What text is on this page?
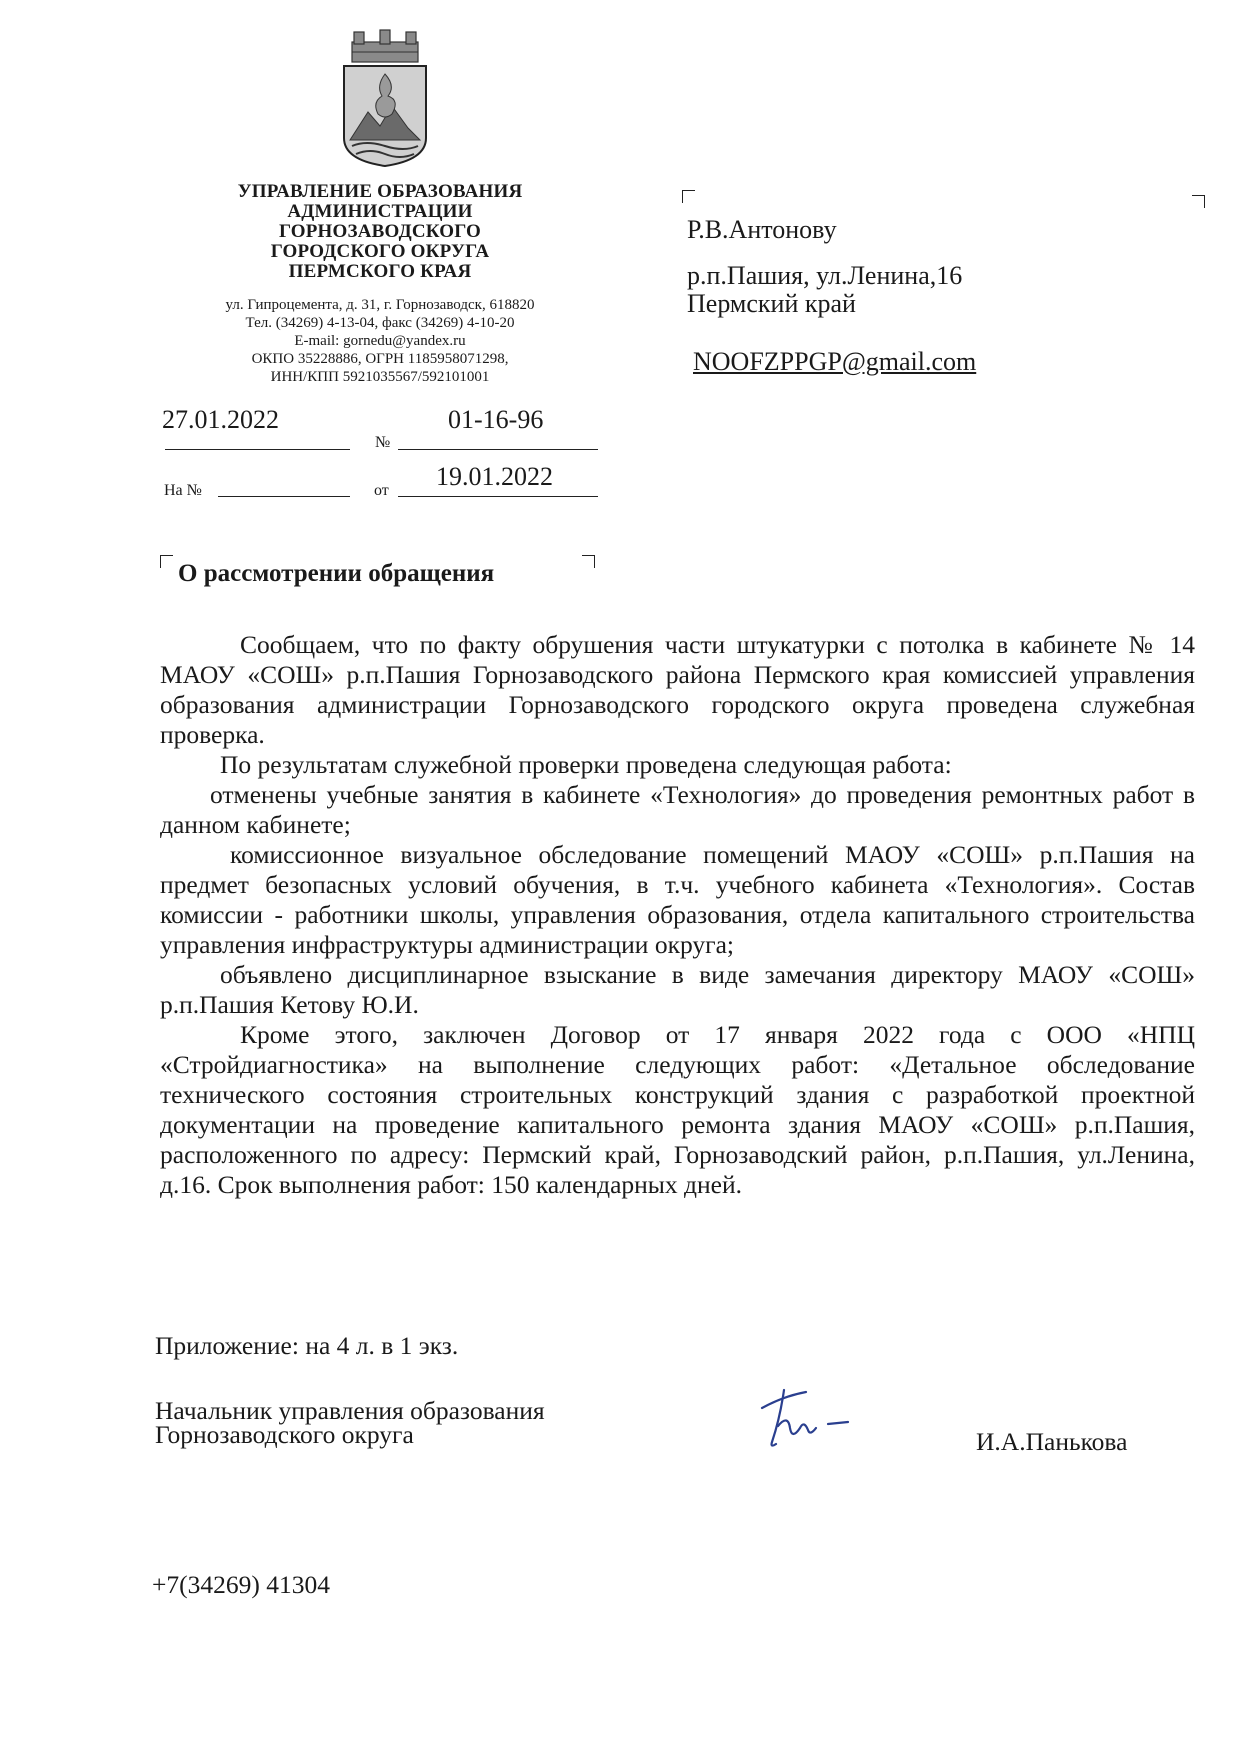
УПРАВЛЕНИЕ ОБРАЗОВАНИЯ
АДМИНИСТРАЦИИ
ГОРНОЗАВОДСКОГО
ГОРОДСКОГО ОКРУГА
ПЕРМСКОГО КРАЯ
ул. Гипроцемента, д. 31, г. Горнозаводск, 618820
Тел. (34269) 4-13-04, факс (34269) 4-10-20
E-mail: gornedu@yandex.ru
ОКПО 35228886, ОГРН 1185958071298,
ИНН/КПП 5921035567/592101001
27.01.2022
№
01-16-96
На №	от 19.01.2022
Р.В.Антонову
р.п.Пашия, ул.Ленина,16
Пермский край
NOOFZPPGP@gmail.com
О рассмотрении обращения

Сообщаем, что по факту обрушения части штукатурки с потолка в кабинете № 14 МАОУ «СОШ» р.п.Пашия Горнозаводского района Пермского края комиссией управления образования администрации Горнозаводского городского округа проведена служебная проверка.

По результатам служебной проверки проведена следующая работа:

отменены учебные занятия в кабинете «Технология» до проведения ремонтных работ в данном кабинете;

комиссионное визуальное обследование помещений МАОУ «СОШ» р.п.Пашия на предмет безопасных условий обучения, в т.ч. учебного кабинета «Технология». Состав комиссии - работники школы, управления образования, отдела капитального строительства управления инфраструктуры администрации округа;

объявлено дисциплинарное взыскание в виде замечания директору МАОУ «СОШ» р.п.Пашия Кетову Ю.И.

Кроме этого, заключен Договор от 17 января 2022 года с ООО «НПЦ «Стройдиагностика» на выполнение следующих работ: «Детальное обследование технического состояния строительных конструкций здания с разработкой проектной документации на проведение капитального ремонта здания МАОУ «СОШ» р.п.Пашия, расположенного по адресу: Пермский край, Горнозаводский район, р.п.Пашия, ул.Ленина, д.16. Срок выполнения работ: 150 календарных дней.

Приложение: на 4 л. в 1 экз.
Начальник управления образования
Горнозаводского округа	И.А.Панькова
+7(34269) 41304
